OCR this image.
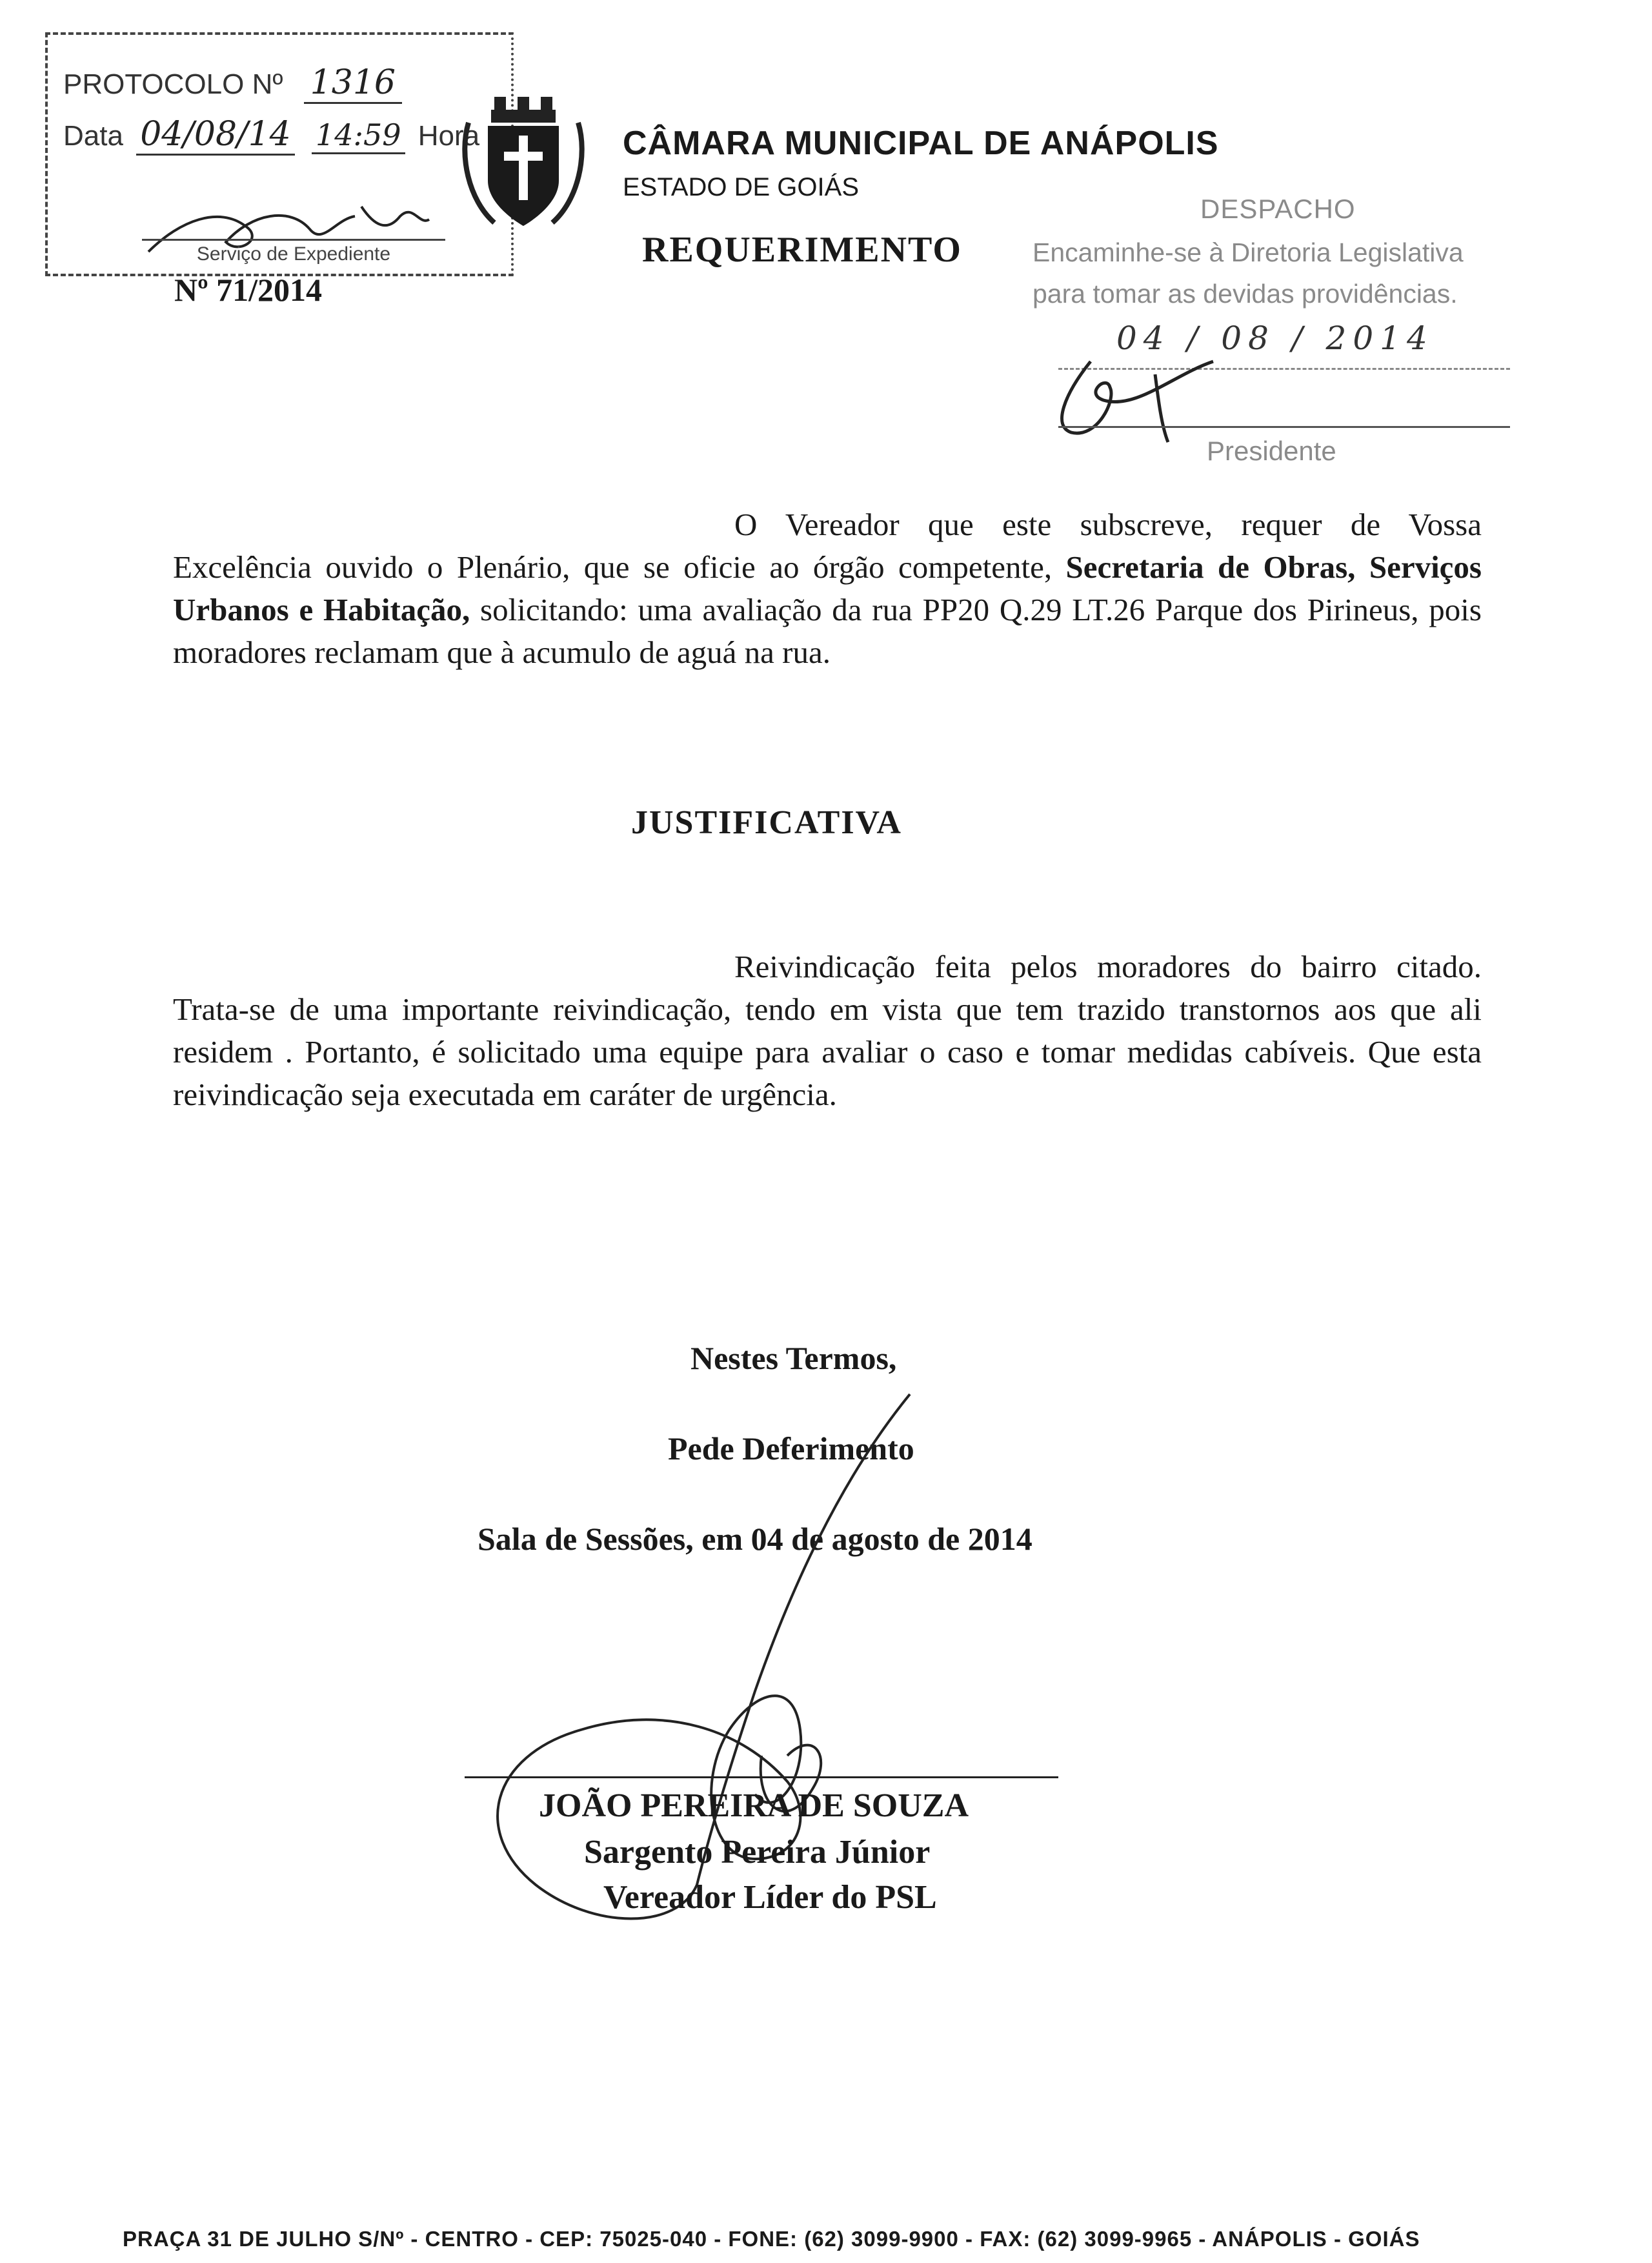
PROTOCOLO Nº 1316
Data 04/08/14 14:59 Hora
Serviço de Expediente
CÂMARA MUNICIPAL DE ANÁPOLIS
ESTADO DE GOIÁS
REQUERIMENTO
Nº 71/2014
DESPACHO
Encaminhe-se à Diretoria Legislativa
para tomar as devidas providências.
04 / 08 / 2014
Presidente
O Vereador que este subscreve, requer de Vossa Excelência ouvido o Plenário, que se oficie ao órgão competente, Secretaria de Obras, Serviços Urbanos e Habitação, solicitando: uma avaliação da rua PP20 Q.29 LT.26 Parque dos Pirineus, pois moradores reclamam que à acumulo de aguá na rua.
JUSTIFICATIVA
Reivindicação feita pelos moradores do bairro citado. Trata-se de uma importante reivindicação, tendo em vista que tem trazido transtornos aos que ali residem . Portanto, é solicitado uma equipe para avaliar o caso e tomar medidas cabíveis. Que esta reivindicação seja executada em caráter de urgência.
Nestes Termos,
Pede Deferimento
Sala de Sessões, em 04 de agosto de 2014
JOÃO PEREIRA DE SOUZA
Sargento Pereira Júnior
Vereador Líder do PSL
PRAÇA 31 DE JULHO S/Nº - CENTRO - CEP: 75025-040 - FONE: (62) 3099-9900 - FAX: (62) 3099-9965 - ANÁPOLIS - GOIÁS
